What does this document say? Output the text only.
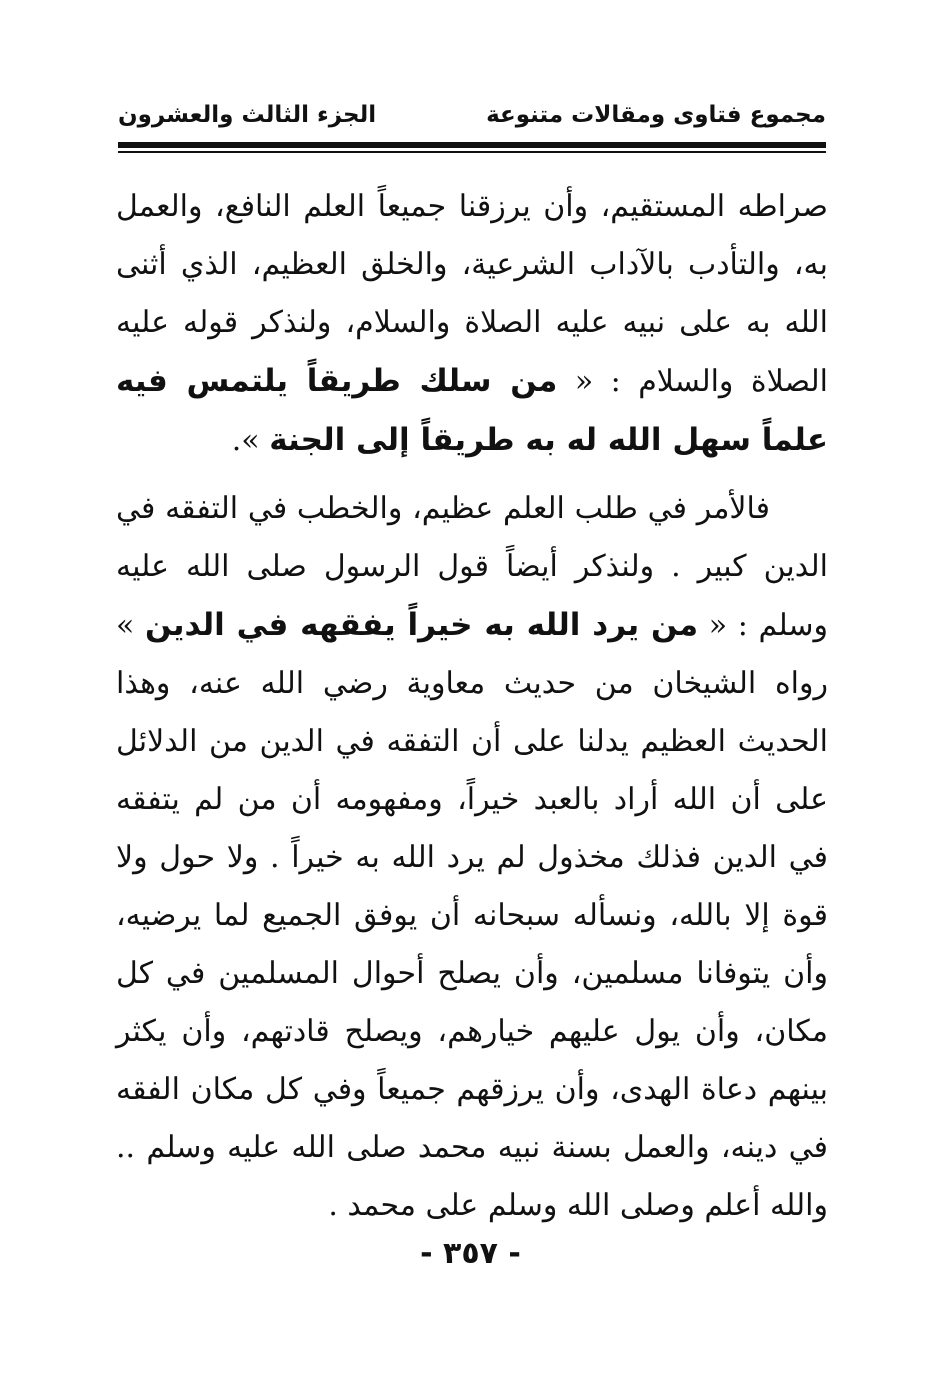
مجموع فتاوى ومقالات متنوعة
الجزء الثالث والعشرون

صراطه المستقيم، وأن يرزقنا جميعاً العلم النافع، والعمل به، والتأدب بالآداب الشرعية، والخلق العظيم، الذي أثنى الله به على نبيه عليه الصلاة والسلام، ولنذكر قوله عليه الصلاة والسلام : « من سلك طريقاً يلتمس فيه علماً سهل الله له به طريقاً إلى الجنة ».

فالأمر في طلب العلم عظيم، والخطب في التفقه في الدين كبير . ولنذكر أيضاً قول الرسول صلى الله عليه وسلم : « من يرد الله به خيراً يفقهه في الدين » رواه الشيخان من حديث معاوية رضي الله عنه، وهذا الحديث العظيم يدلنا على أن التفقه في الدين من الدلائل على أن الله أراد بالعبد خيراً، ومفهومه أن من لم يتفقه في الدين فذلك مخذول لم يرد الله به خيراً . ولا حول ولا قوة إلا بالله، ونسأله سبحانه أن يوفق الجميع لما يرضيه، وأن يتوفانا مسلمين، وأن يصلح أحوال المسلمين في كل مكان، وأن يول عليهم خيارهم، ويصلح قادتهم، وأن يكثر بينهم دعاة الهدى، وأن يرزقهم جميعاً وفي كل مكان الفقه في دينه، والعمل بسنة نبيه محمد صلى الله عليه وسلم .. والله أعلم وصلى الله وسلم على محمد .

- ٣٥٧ -
